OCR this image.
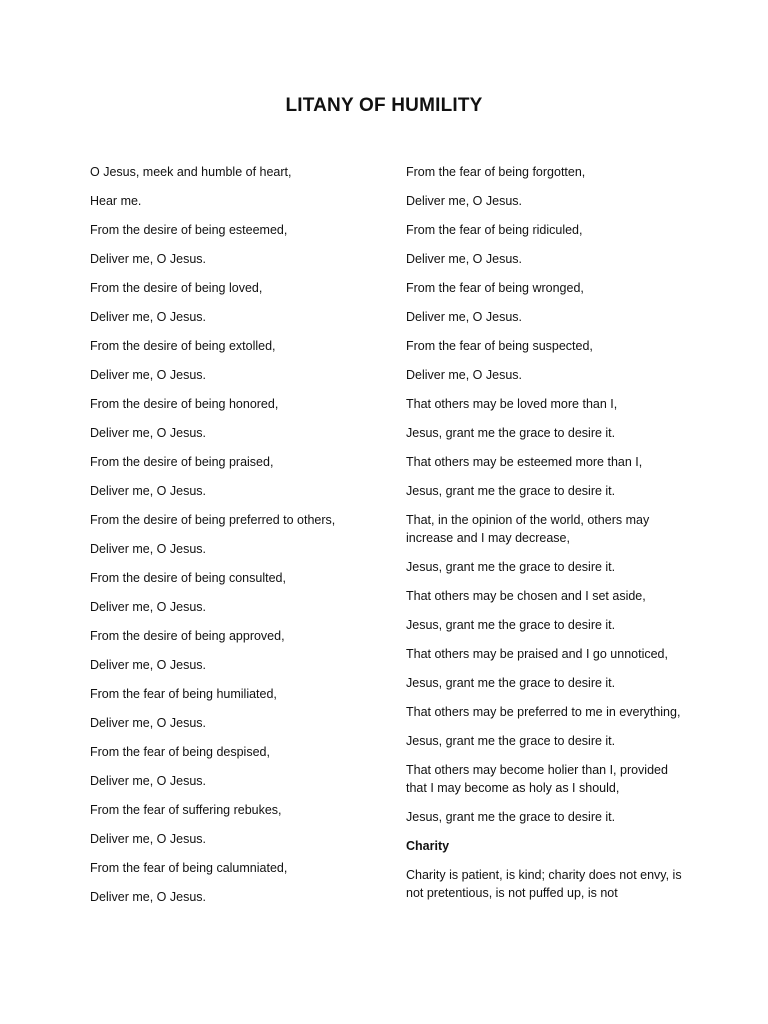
LITANY OF HUMILITY

O Jesus, meek and humble of heart,

Hear me.

From the desire of being esteemed,

Deliver me, O Jesus.

From the desire of being loved,

Deliver me, O Jesus.

From the desire of being extolled,

Deliver me, O Jesus.

From the desire of being honored,

Deliver me, O Jesus.

From the desire of being praised,

Deliver me, O Jesus.

From the desire of being preferred to others,

Deliver me, O Jesus.

From the desire of being consulted,

Deliver me, O Jesus.

From the desire of being approved,

Deliver me, O Jesus.

From the fear of being humiliated,

Deliver me, O Jesus.

From the fear of being despised,

Deliver me, O Jesus.

From the fear of suffering rebukes,

Deliver me, O Jesus.

From the fear of being calumniated,

Deliver me, O Jesus.

From the fear of being forgotten,

Deliver me, O Jesus.

From the fear of being ridiculed,

Deliver me, O Jesus.

From the fear of being wronged,

Deliver me, O Jesus.

From the fear of being suspected,

Deliver me, O Jesus.

That others may be loved more than I,

Jesus, grant me the grace to desire it.

That others may be esteemed more than I,

Jesus, grant me the grace to desire it.

That, in the opinion of the world, others may increase and I may decrease,

Jesus, grant me the grace to desire it.

That others may be chosen and I set aside,

Jesus, grant me the grace to desire it.

That others may be praised and I go unnoticed,

Jesus, grant me the grace to desire it.

That others may be preferred to me in everything,

Jesus, grant me the grace to desire it.

That others may become holier than I, provided that I may become as holy as I should,

Jesus, grant me the grace to desire it.

Charity

Charity is patient, is kind; charity does not envy, is not pretentious, is not puffed up, is not
